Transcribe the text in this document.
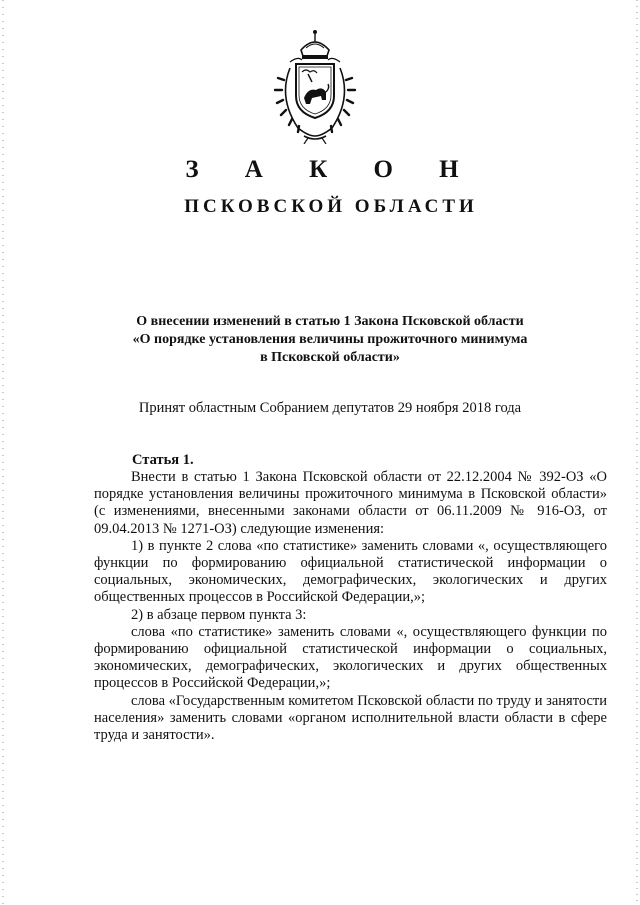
З А К О Н
ПСКОВСКОЙ ОБЛАСТИ
О внесении изменений в статью 1 Закона Псковской области
«О порядке установления величины прожиточного минимума
в Псковской области»
Принят областным Собранием депутатов 29 ноября 2018 года
Статья 1.

Внести в статью 1 Закона Псковской области от 22.12.2004 № 392-ОЗ «О порядке установления величины прожиточного минимума в Псковской области» (с изменениями, внесенными законами области от 06.11.2009 № 916-ОЗ, от 09.04.2013 № 1271-ОЗ) следующие изменения:

1) в пункте 2 слова «по статистике» заменить словами «, осуществляющего функции по формированию официальной статистической информации о социальных, экономических, демографических, экологических и других общественных процессов в Российской Федерации,»;

2) в абзаце первом пункта 3:

слова «по статистике» заменить словами «, осуществляющего функции по формированию официальной статистической информации о социальных, экономических, демографических, экологических и других общественных процессов в Российской Федерации,»;

слова «Государственным комитетом Псковской области по труду и занятости населения» заменить словами «органом исполнительной власти области в сфере труда и занятости».
